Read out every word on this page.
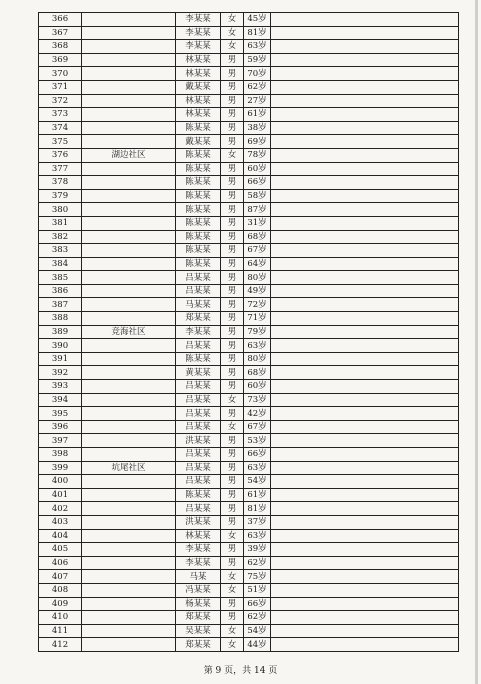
366		李某某	女	45岁	
367		李某某	女	81岁	
368		李某某	女	63岁	
369		林某某	男	59岁	
370		林某某	男	70岁	
371		戴某某	男	62岁	
372		林某某	男	27岁	
373		林某某	男	61岁	
374		陈某某	男	38岁	
375		戴某某	男	69岁	
376	湖边社区	陈某某	女	78岁	
377		陈某某	男	60岁	
378		陈某某	男	66岁	
379		陈某某	男	58岁	
380		陈某某	男	87岁	
381		陈某某	男	31岁	
382		陈某某	男	68岁	
383		陈某某	男	67岁	
384		陈某某	男	64岁	
385		吕某某	男	80岁	
386		吕某某	男	49岁	
387		马某某	男	72岁	
388		郑某某	男	71岁	
389	竞海社区	李某某	男	79岁	
390		吕某某	男	63岁	
391		陈某某	男	80岁	
392		黄某某	男	68岁	
393		吕某某	男	60岁	
394		吕某某	女	73岁	
395		吕某某	男	42岁	
396		吕某某	女	67岁	
397		洪某某	男	53岁	
398		吕某某	男	66岁	
399	坑尾社区	吕某某	男	63岁	
400		吕某某	男	54岁	
401		陈某某	男	61岁	
402		吕某某	男	81岁	
403		洪某某	男	37岁	
404		林某某	女	63岁	
405		李某某	男	39岁	
406		李某某	男	62岁	
407		马某	女	75岁	
408		冯某某	女	51岁	
409		杨某某	男	66岁	
410		郑某某	男	62岁	
411		吴某某	女	54岁	
412		郑某某	女	44岁	
第 9 页，共 14 页
